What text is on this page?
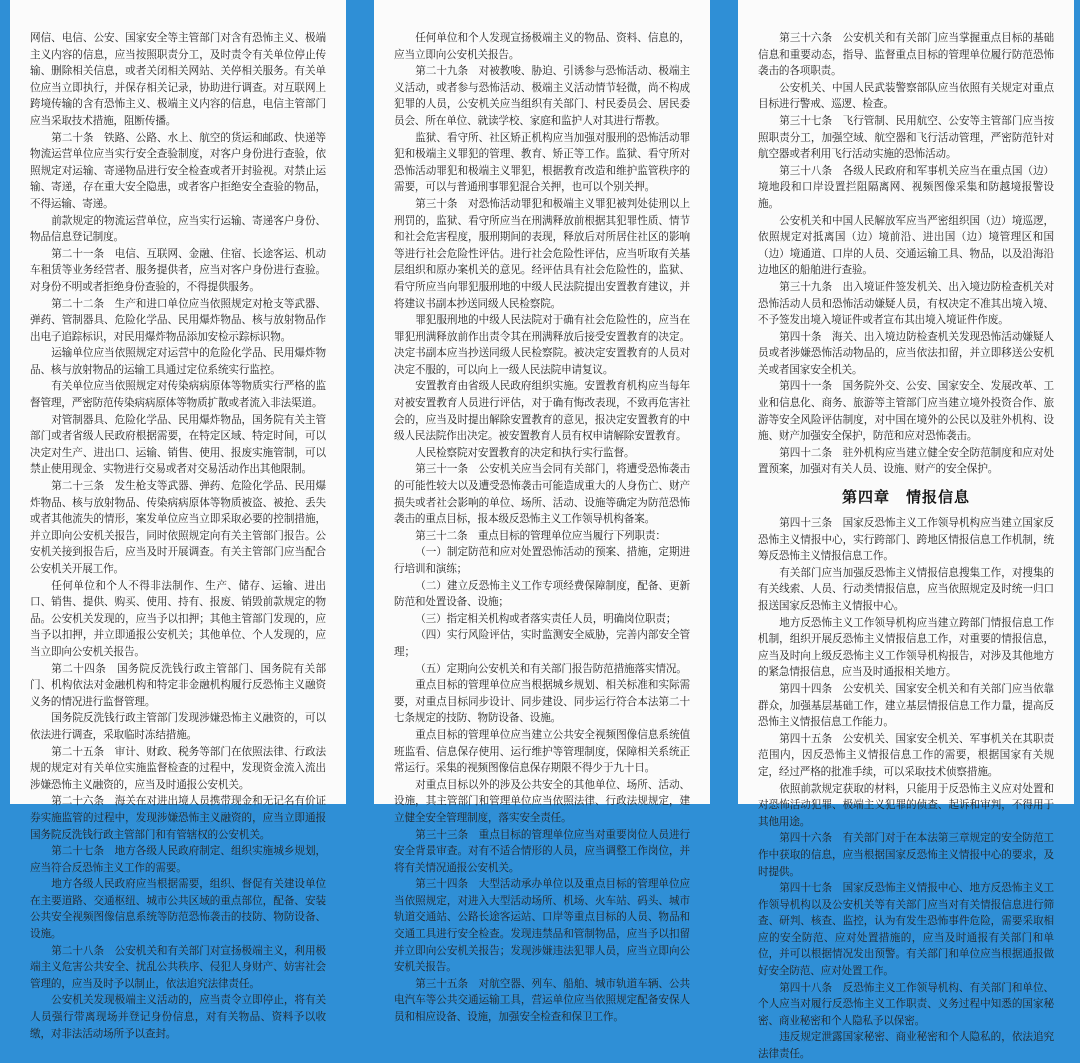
网信、电信、公安、国家安全等主管部门对含有恐怖主义、极端主义内容的信息，应当按照职责分工，及时责令有关单位停止传输、删除相关信息，或者关闭相关网站、关停相关服务。有关单位应当立即执行，并保存相关记录，协助进行调查。对互联网上跨境传输的含有恐怖主义、极端主义内容的信息，电信主管部门应当采取技术措施，阻断传播。

第二十条　铁路、公路、水上、航空的货运和邮政、快递等物流运营单位应当实行安全查验制度，对客户身份进行查验，依照规定对运输、寄递物品进行安全检查或者开封验视。对禁止运输、寄递，存在重大安全隐患，或者客户拒绝安全查验的物品，不得运输、寄递。

前款规定的物流运营单位，应当实行运输、寄递客户身份、物品信息登记制度。

第二十一条　电信、互联网、金融、住宿、长途客运、机动车租赁等业务经营者、服务提供者，应当对客户身份进行查验。对身份不明或者拒绝身份查验的，不得提供服务。

第二十二条　生产和进口单位应当依照规定对枪支等武器、弹药、管制器具、危险化学品、民用爆炸物品、核与放射物品作出电子追踪标识，对民用爆炸物品添加安检示踪标识物。

运输单位应当依照规定对运营中的危险化学品、民用爆炸物品、核与放射物品的运输工具通过定位系统实行监控。

有关单位应当依照规定对传染病病原体等物质实行严格的监督管理，严密防范传染病病原体等物质扩散或者流入非法渠道。

对管制器具、危险化学品、民用爆炸物品，国务院有关主管部门或者省级人民政府根据需要，在特定区域、特定时间，可以决定对生产、进出口、运输、销售、使用、报废实施管制，可以禁止使用现金、实物进行交易或者对交易活动作出其他限制。

第二十三条　发生枪支等武器、弹药、危险化学品、民用爆炸物品、核与放射物品、传染病病原体等物质被盗、被抢、丢失或者其他流失的情形，案发单位应当立即采取必要的控制措施，并立即向公安机关报告，同时依照规定向有关主管部门报告。公安机关接到报告后，应当及时开展调查。有关主管部门应当配合公安机关开展工作。

任何单位和个人不得非法制作、生产、储存、运输、进出口、销售、提供、购买、使用、持有、报废、销毁前款规定的物品。公安机关发现的，应当予以扣押；其他主管部门发现的，应当予以扣押，并立即通报公安机关；其他单位、个人发现的，应当立即向公安机关报告。

第二十四条　国务院反洗钱行政主管部门、国务院有关部门、机构依法对金融机构和特定非金融机构履行反恐怖主义融资义务的情况进行监督管理。

国务院反洗钱行政主管部门发现涉嫌恐怖主义融资的，可以依法进行调查，采取临时冻结措施。

第二十五条　审计、财政、税务等部门在依照法律、行政法规的规定对有关单位实施监督检查的过程中，发现资金流入流出涉嫌恐怖主义融资的，应当及时通报公安机关。

第二十六条　海关在对进出境人员携带现金和无记名有价证券实施监管的过程中，发现涉嫌恐怖主义融资的，应当立即通报国务院反洗钱行政主管部门和有管辖权的公安机关。

第二十七条　地方各级人民政府制定、组织实施城乡规划，应当符合反恐怖主义工作的需要。

地方各级人民政府应当根据需要，组织、督促有关建设单位在主要道路、交通枢纽、城市公共区域的重点部位，配备、安装公共安全视频图像信息系统等防范恐怖袭击的技防、物防设备、设施。

第二十八条　公安机关和有关部门对宣扬极端主义，利用极端主义危害公共安全、扰乱公共秩序、侵犯人身财产、妨害社会管理的，应当及时予以制止，依法追究法律责任。

公安机关发现极端主义活动的，应当责令立即停止，将有关人员强行带离现场并登记身份信息，对有关物品、资料予以收缴，对非法活动场所予以查封。

任何单位和个人发现宣扬极端主义的物品、资料、信息的，应当立即向公安机关报告。

第二十九条　对被教唆、胁迫、引诱参与恐怖活动、极端主义活动，或者参与恐怖活动、极端主义活动情节轻微，尚不构成犯罪的人员，公安机关应当组织有关部门、村民委员会、居民委员会、所在单位、就读学校、家庭和监护人对其进行帮教。

监狱、看守所、社区矫正机构应当加强对服刑的恐怖活动罪犯和极端主义罪犯的管理、教育、矫正等工作。监狱、看守所对恐怖活动罪犯和极端主义罪犯，根据教育改造和维护监管秩序的需要，可以与普通刑事罪犯混合关押，也可以个别关押。

第三十条　对恐怖活动罪犯和极端主义罪犯被判处徒刑以上刑罚的，监狱、看守所应当在刑满释放前根据其犯罪性质、情节和社会危害程度，服刑期间的表现，释放后对所居住社区的影响等进行社会危险性评估。进行社会危险性评估，应当听取有关基层组织和原办案机关的意见。经评估具有社会危险性的，监狱、看守所应当向罪犯服刑地的中级人民法院提出安置教育建议，并将建议书副本抄送同级人民检察院。

罪犯服刑地的中级人民法院对于确有社会危险性的，应当在罪犯刑满释放前作出责令其在刑满释放后接受安置教育的决定。决定书副本应当抄送同级人民检察院。被决定安置教育的人员对决定不服的，可以向上一级人民法院申请复议。

安置教育由省级人民政府组织实施。安置教育机构应当每年对被安置教育人员进行评估，对于确有悔改表现，不致再危害社会的，应当及时提出解除安置教育的意见，报决定安置教育的中级人民法院作出决定。被安置教育人员有权申请解除安置教育。

人民检察院对安置教育的决定和执行实行监督。

第三十一条　公安机关应当会同有关部门，将遭受恐怖袭击的可能性较大以及遭受恐怖袭击可能造成重大的人身伤亡、财产损失或者社会影响的单位、场所、活动、设施等确定为防范恐怖袭击的重点目标，报本级反恐怖主义工作领导机构备案。

第三十二条　重点目标的管理单位应当履行下列职责：

（一）制定防范和应对处置恐怖活动的预案、措施，定期进行培训和演练；

（二）建立反恐怖主义工作专项经费保障制度，配备、更新防范和处置设备、设施；

（三）指定相关机构或者落实责任人员，明确岗位职责；

（四）实行风险评估，实时监测安全威胁，完善内部安全管理；

（五）定期向公安机关和有关部门报告防范措施落实情况。

重点目标的管理单位应当根据城乡规划、相关标准和实际需要，对重点目标同步设计、同步建设、同步运行符合本法第二十七条规定的技防、物防设备、设施。

重点目标的管理单位应当建立公共安全视频图像信息系统值班监看、信息保存使用、运行维护等管理制度，保障相关系统正常运行。采集的视频图像信息保存期限不得少于九十日。

对重点目标以外的涉及公共安全的其他单位、场所、活动、设施，其主管部门和管理单位应当依照法律、行政法规规定，建立健全安全管理制度，落实安全责任。

第三十三条　重点目标的管理单位应当对重要岗位人员进行安全背景审查。对有不适合情形的人员，应当调整工作岗位，并将有关情况通报公安机关。

第三十四条　大型活动承办单位以及重点目标的管理单位应当依照规定，对进入大型活动场所、机场、火车站、码头、城市轨道交通站、公路长途客运站、口岸等重点目标的人员、物品和交通工具进行安全检查。发现违禁品和管制物品，应当予以扣留并立即向公安机关报告；发现涉嫌违法犯罪人员，应当立即向公安机关报告。

第三十五条　对航空器、列车、船舶、城市轨道车辆、公共电汽车等公共交通运输工具，营运单位应当依照规定配备安保人员和相应设备、设施，加强安全检查和保卫工作。

第三十六条　公安机关和有关部门应当掌握重点目标的基础信息和重要动态，指导、监督重点目标的管理单位履行防范恐怖袭击的各项职责。

公安机关、中国人民武装警察部队应当依照有关规定对重点目标进行警戒、巡逻、检查。

第三十七条　飞行管制、民用航空、公安等主管部门应当按照职责分工，加强空域、航空器和飞行活动管理，严密防范针对航空器或者利用飞行活动实施的恐怖活动。

第三十八条　各级人民政府和军事机关应当在重点国（边）境地段和口岸设置拦阻隔离网、视频图像采集和防越境报警设施。

公安机关和中国人民解放军应当严密组织国（边）境巡逻，依照规定对抵离国（边）境前沿、进出国（边）境管理区和国（边）境通道、口岸的人员、交通运输工具、物品，以及沿海沿边地区的船舶进行查验。

第三十九条　出入境证件签发机关、出入境边防检查机关对恐怖活动人员和恐怖活动嫌疑人员，有权决定不准其出境入境、不予签发出境入境证件或者宣布其出境入境证件作废。

第四十条　海关、出入境边防检查机关发现恐怖活动嫌疑人员或者涉嫌恐怖活动物品的，应当依法扣留，并立即移送公安机关或者国家安全机关。

第四十一条　国务院外交、公安、国家安全、发展改革、工业和信息化、商务、旅游等主管部门应当建立境外投资合作、旅游等安全风险评估制度，对中国在境外的公民以及驻外机构、设施、财产加强安全保护，防范和应对恐怖袭击。

第四十二条　驻外机构应当建立健全安全防范制度和应对处置预案，加强对有关人员、设施、财产的安全保护。

第四章　情报信息

第四十三条　国家反恐怖主义工作领导机构应当建立国家反恐怖主义情报中心，实行跨部门、跨地区情报信息工作机制，统筹反恐怖主义情报信息工作。

有关部门应当加强反恐怖主义情报信息搜集工作，对搜集的有关线索、人员、行动类情报信息，应当依照规定及时统一归口报送国家反恐怖主义情报中心。

地方反恐怖主义工作领导机构应当建立跨部门情报信息工作机制，组织开展反恐怖主义情报信息工作，对重要的情报信息，应当及时向上级反恐怖主义工作领导机构报告，对涉及其他地方的紧急情报信息，应当及时通报相关地方。

第四十四条　公安机关、国家安全机关和有关部门应当依靠群众，加强基层基础工作，建立基层情报信息工作力量，提高反恐怖主义情报信息工作能力。

第四十五条　公安机关、国家安全机关、军事机关在其职责范围内，因反恐怖主义情报信息工作的需要，根据国家有关规定，经过严格的批准手续，可以采取技术侦察措施。

依照前款规定获取的材料，只能用于反恐怖主义应对处置和对恐怖活动犯罪、极端主义犯罪的侦查、起诉和审判，不得用于其他用途。

第四十六条　有关部门对于在本法第三章规定的安全防范工作中获取的信息，应当根据国家反恐怖主义情报中心的要求，及时提供。

第四十七条　国家反恐怖主义情报中心、地方反恐怖主义工作领导机构以及公安机关等有关部门应当对有关情报信息进行筛查、研判、核查、监控，认为有发生恐怖事件危险，需要采取相应的安全防范、应对处置措施的，应当及时通报有关部门和单位，并可以根据情况发出预警。有关部门和单位应当根据通报做好安全防范、应对处置工作。

第四十八条　反恐怖主义工作领导机构、有关部门和单位、个人应当对履行反恐怖主义工作职责、义务过程中知悉的国家秘密、商业秘密和个人隐私予以保密。

违反规定泄露国家秘密、商业秘密和个人隐私的，依法追究法律责任。
